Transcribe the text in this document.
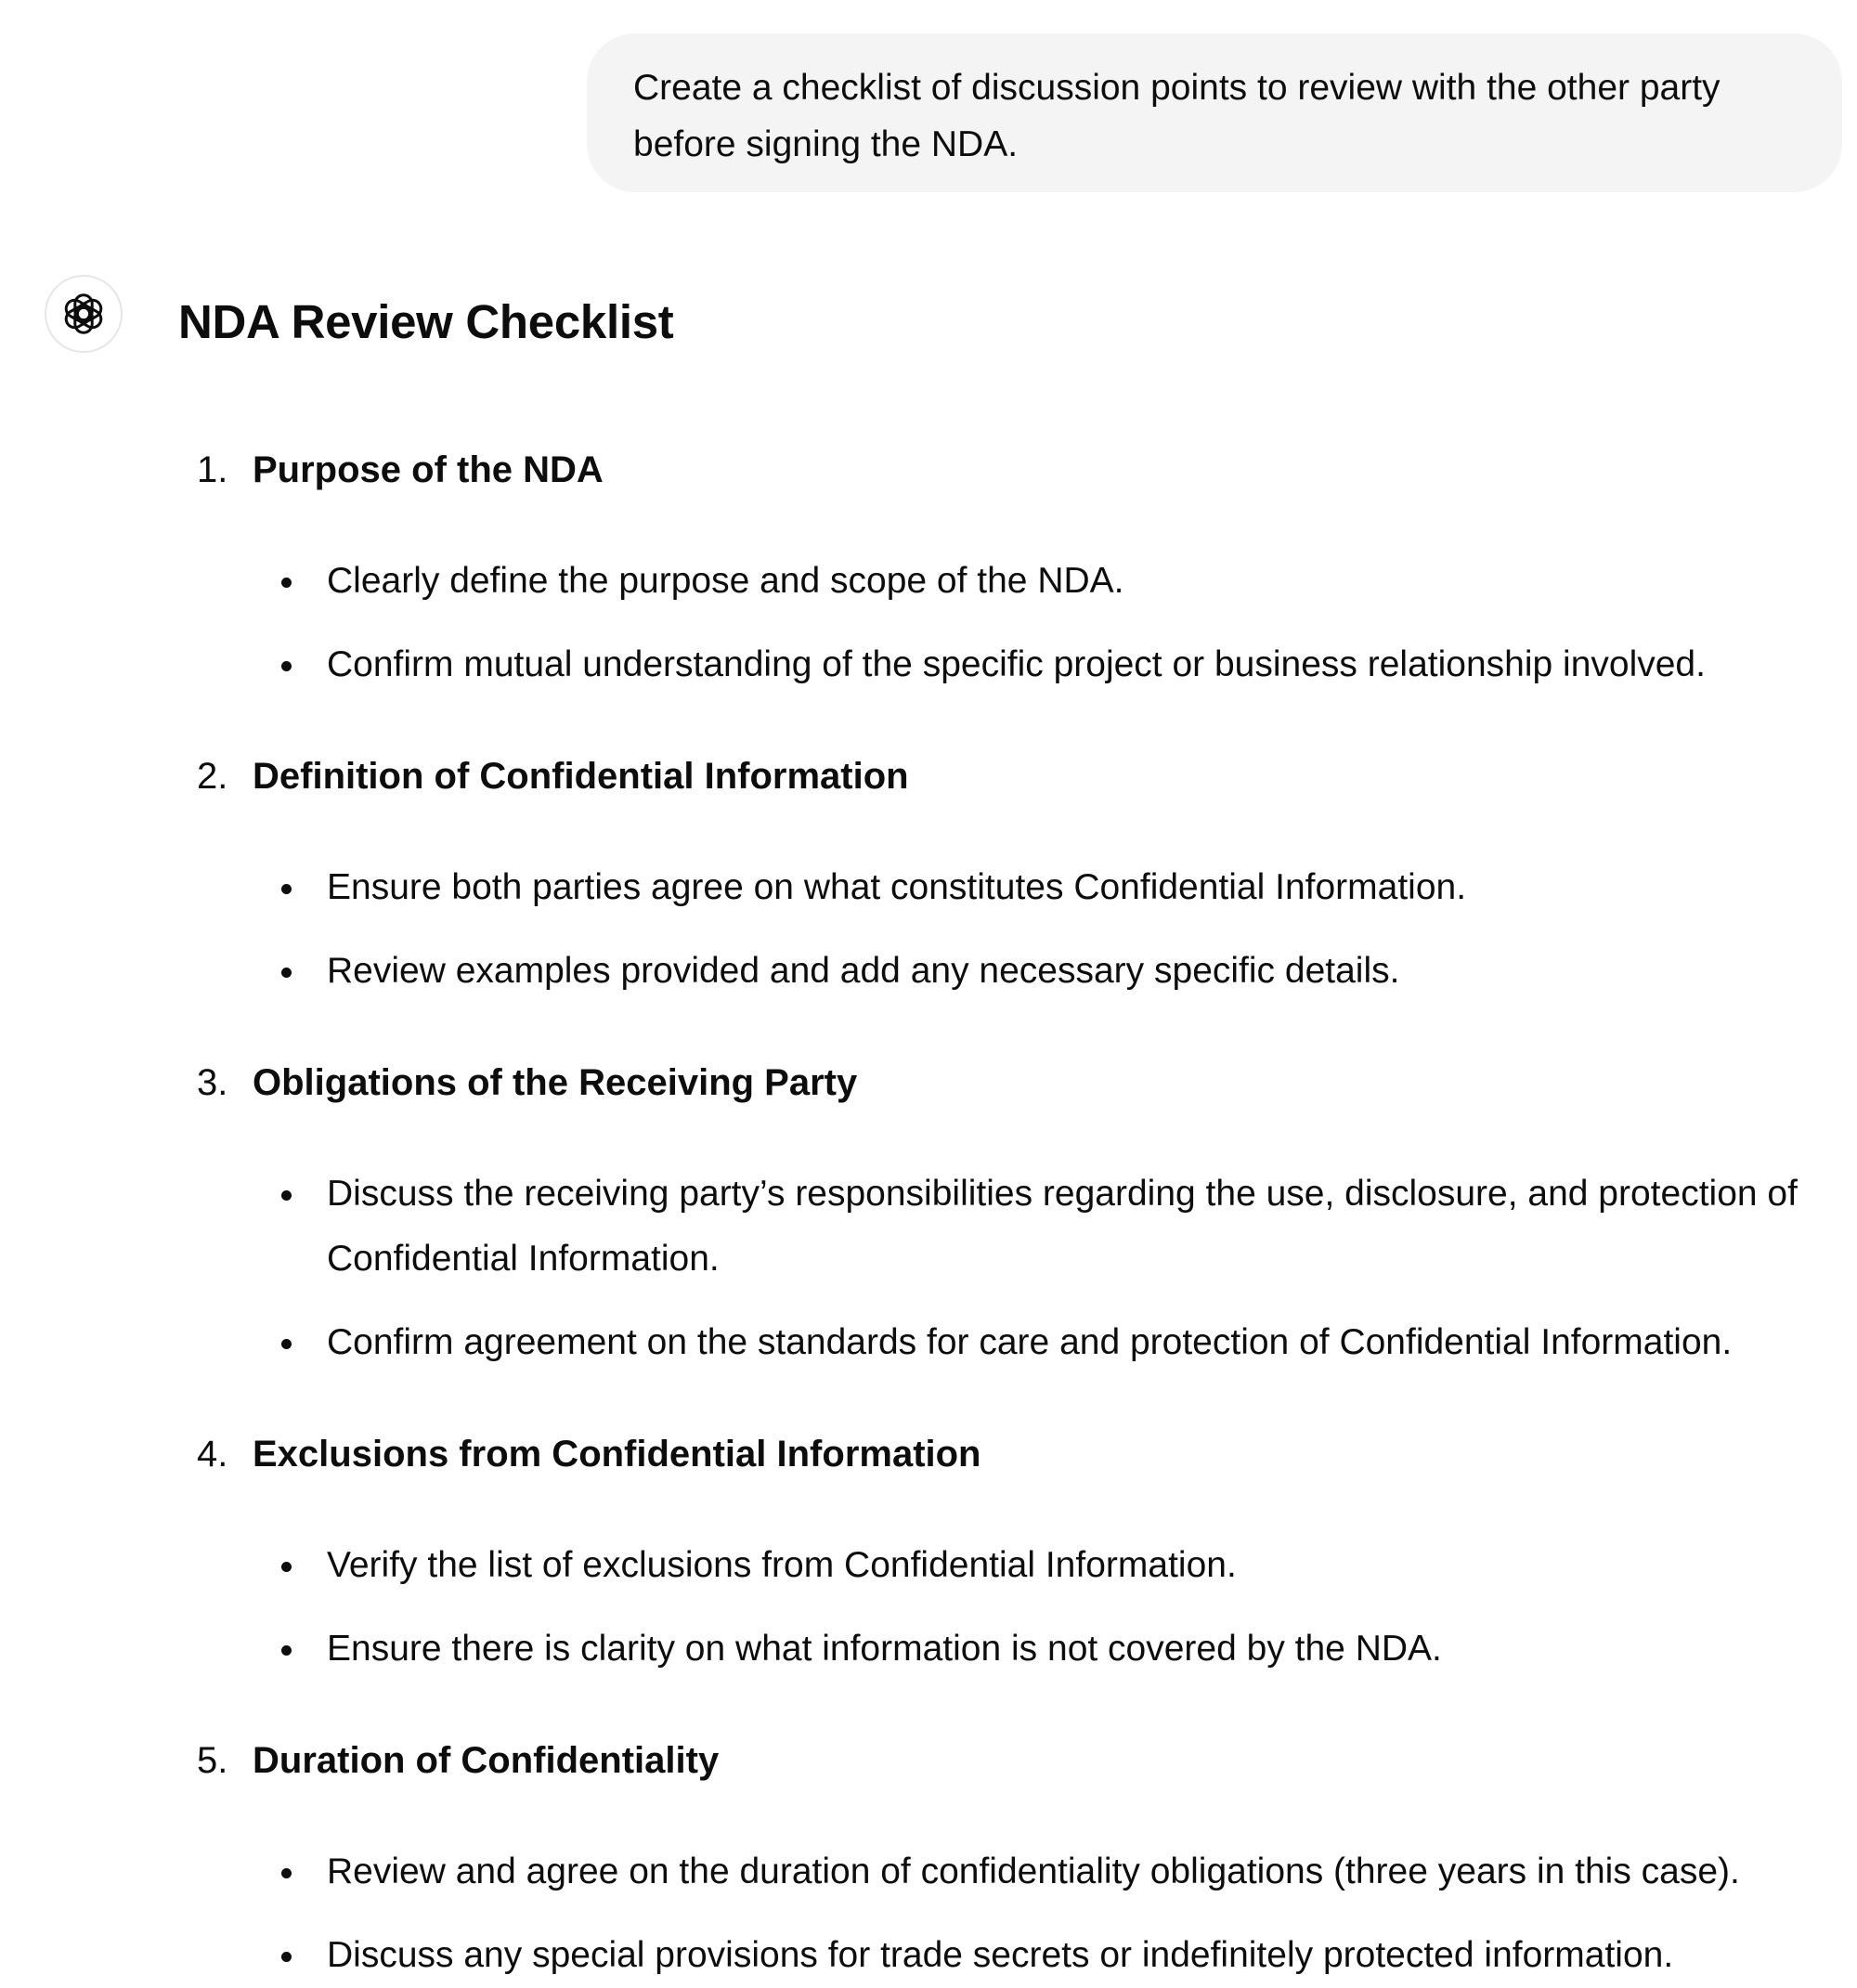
Create a checklist of discussion points to review with the other party before signing the NDA.
NDA Review Checklist
1. Purpose of the NDA
Clearly define the purpose and scope of the NDA.
Confirm mutual understanding of the specific project or business relationship involved.
2. Definition of Confidential Information
Ensure both parties agree on what constitutes Confidential Information.
Review examples provided and add any necessary specific details.
3. Obligations of the Receiving Party
Discuss the receiving party’s responsibilities regarding the use, disclosure, and protection of Confidential Information.
Confirm agreement on the standards for care and protection of Confidential Information.
4. Exclusions from Confidential Information
Verify the list of exclusions from Confidential Information.
Ensure there is clarity on what information is not covered by the NDA.
5. Duration of Confidentiality
Review and agree on the duration of confidentiality obligations (three years in this case).
Discuss any special provisions for trade secrets or indefinitely protected information.
